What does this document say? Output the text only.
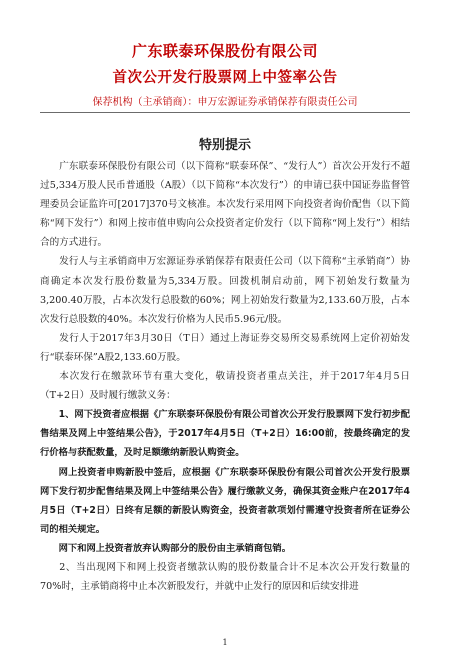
广东联泰环保股份有限公司
首次公开发行股票网上中签率公告
保荐机构（主承销商）：申万宏源证券承销保荐有限责任公司
特别提示

广东联泰环保股份有限公司（以下简称“联泰环保”、“发行人”）首次公开发行不超过5,334万股人民币普通股（A股）（以下简称“本次发行”）的申请已获中国证券监督管理委员会证监许可[2017]370号文核准。本次发行采用网下向投资者询价配售（以下简称“网下发行”）和网上按市值申购向公众投资者定价发行（以下简称“网上发行”）相结合的方式进行。

发行人与主承销商申万宏源证券承销保荐有限责任公司（以下简称“主承销商”）协商确定本次发行股份数量为5,334万股。回拨机制启动前，网下初始发行数量为3,200.40万股，占本次发行总股数的60%；网上初始发行数量为2,133.60万股，占本次发行总股数的40%。本次发行价格为人民币5.96元/股。

发行人于2017年3月30日（T日）通过上海证券交易所交易系统网上定价初始发行“联泰环保”A股2,133.60万股。

本次发行在缴款环节有重大变化，敬请投资者重点关注，并于2017年4月5日（T+2日）及时履行缴款义务：

1、网下投资者应根据《广东联泰环保股份有限公司首次公开发行股票网下发行初步配售结果及网上中签结果公告》，于2017年4月5日（T+2日）16:00前，按最终确定的发行价格与获配数量，及时足额缴纳新股认购资金。

网上投资者申购新股中签后，应根据《广东联泰环保股份有限公司首次公开发行股票网下发行初步配售结果及网上中签结果公告》履行缴款义务，确保其资金账户在2017年4月5日（T+2日）日终有足额的新股认购资金，投资者款项划付需遵守投资者所在证券公司的相关规定。

网下和网上投资者放弃认购部分的股份由主承销商包销。

2、当出现网下和网上投资者缴款认购的股份数量合计不足本次公开发行数量的70%时，主承销商将中止本次新股发行，并就中止发行的原因和后续安排进

1
